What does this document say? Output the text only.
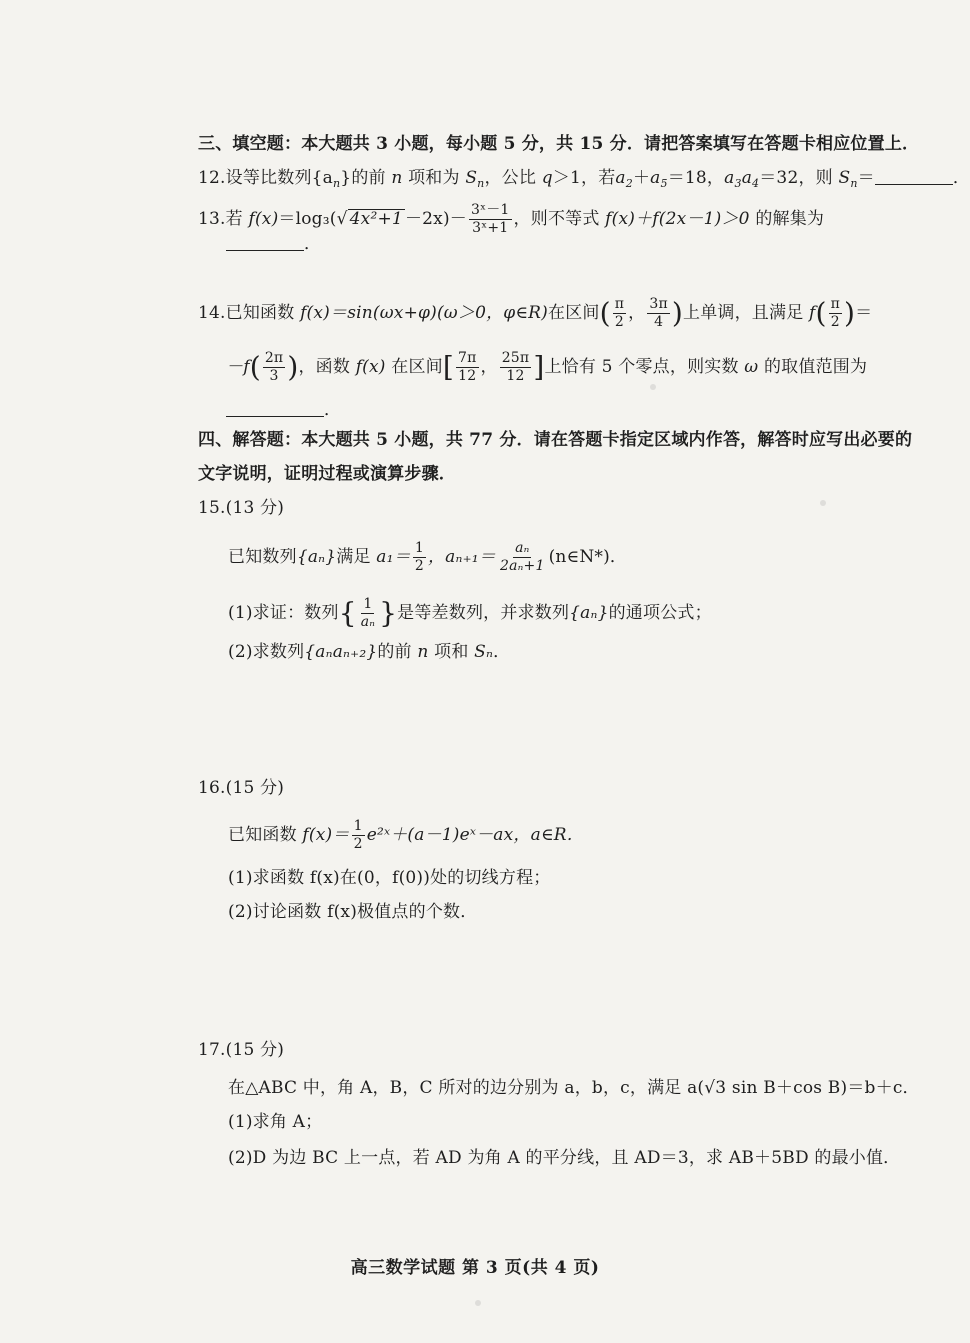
三、填空题：本大题共 3 小题，每小题 5 分，共 15 分．请把答案填写在答题卡相应位置上．
12.设等比数列$\{a_n\}$的前 n 项和为 $S_n$，公比 q＞1，若$a_2+a_5=18$，$a_3a_4=32$，则 $S_n=$	．
13.若 f(x)＝log₃(√ $4x^2+1 -2x)- \frac{\text{3ˣ－1}}{\text{3ˣ+1}}$ ，则不等式 f(x)＋f(2x－1)＞0 的解集为
．
14.已知函数 f(x)＝sin(ωx+φ)(ω＞0，φ∈R)在区间( $\frac{\pi}{2}$ ， $\frac{3\pi}{4}$ )上单调，且满足 $f( \frac{\pi}{2}$ )＝
$-f( \frac{2\pi}{3}$ )，函数 f(x) 在区间[ $\frac{7\pi}{12}$ ， $\frac{25\pi}{12}$ ]上恰有 5 个零点，则实数 ω 的取值范围为
．
四、解答题：本大题共 5 小题，共 77 分．请在答题卡指定区域内作答，解答时应写出必要的
文字说明，证明过程或演算步骤．
15.(13 分)
已知数列{aₙ}满足 $a_1= \frac{1}{2}$ ，$a_{n+1}= \frac{\text{aₙ}}{\text{2aₙ+1}}$ (n∈N*)．
(1)求证：数列{ $\frac{1}{\text{aₙ}}$ }是等差数列，并求数列{aₙ}的通项公式；
(2)求数列{aₙaₙ₊₂}的前 n 项和 Sₙ．
16.(15 分)
已知函数 $f(x)= \frac{1}{2}$ e²ˣ＋(a－1)eˣ－ax，a∈R．
(1)求函数 f(x)在(0，f(0))处的切线方程；
(2)讨论函数 f(x)极值点的个数．
17.(15 分)
在△ABC 中，角 A，B，C 所对的边分别为 a，b，c，满足 a(√3 sin B＋cos B)＝b＋c．
(1)求角 A；
(2)D 为边 BC 上一点，若 AD 为角 A 的平分线，且 AD＝3，求 AB＋5BD 的最小值．
高三数学试题 第 3 页(共 4 页)
